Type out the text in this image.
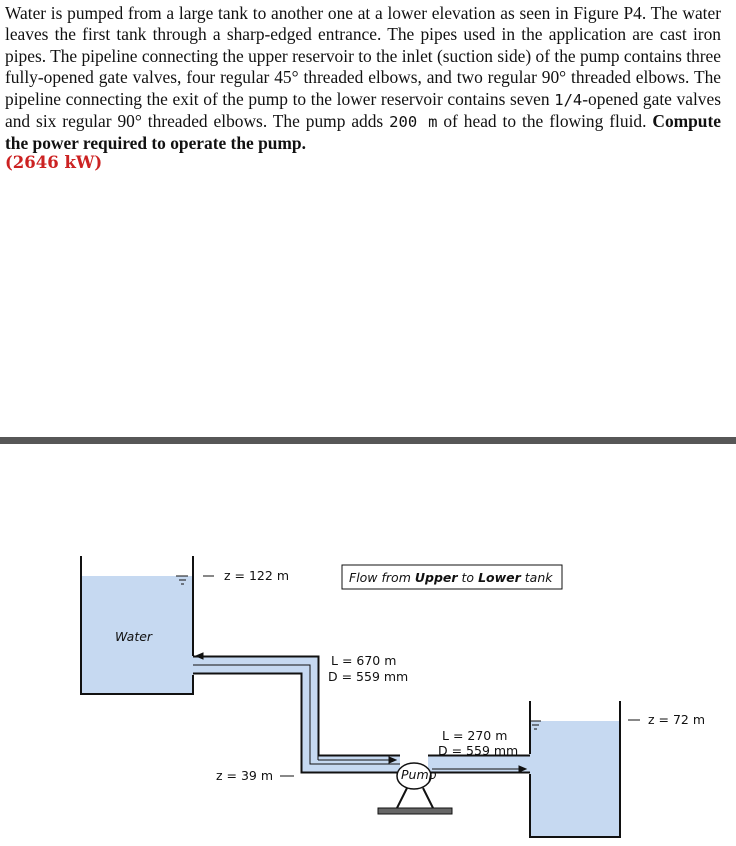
Water is pumped from a large tank to another one at a lower elevation as seen in Figure P4. The water leaves the first tank through a sharp-edged entrance. The pipes used in the application are cast iron pipes. The pipeline connecting the upper reservoir to the inlet (suction side) of the pump contains three fully-opened gate valves, four regular 45° threaded elbows, and two regular 90° threaded elbows. The pipeline connecting the exit of the pump to the lower reservoir contains seven 1/4-opened gate valves and six regular 90° threaded elbows. The pump adds 200 m of head to the flowing fluid. Compute the power required to operate the pump.

(2646 kW)
Water
z = 122 m	Flow from Upper to Lower tank
L = 670 m
D = 559 mm
z = 39 m
L = 270 m
D = 559 mm
Pump
z = 72 m
